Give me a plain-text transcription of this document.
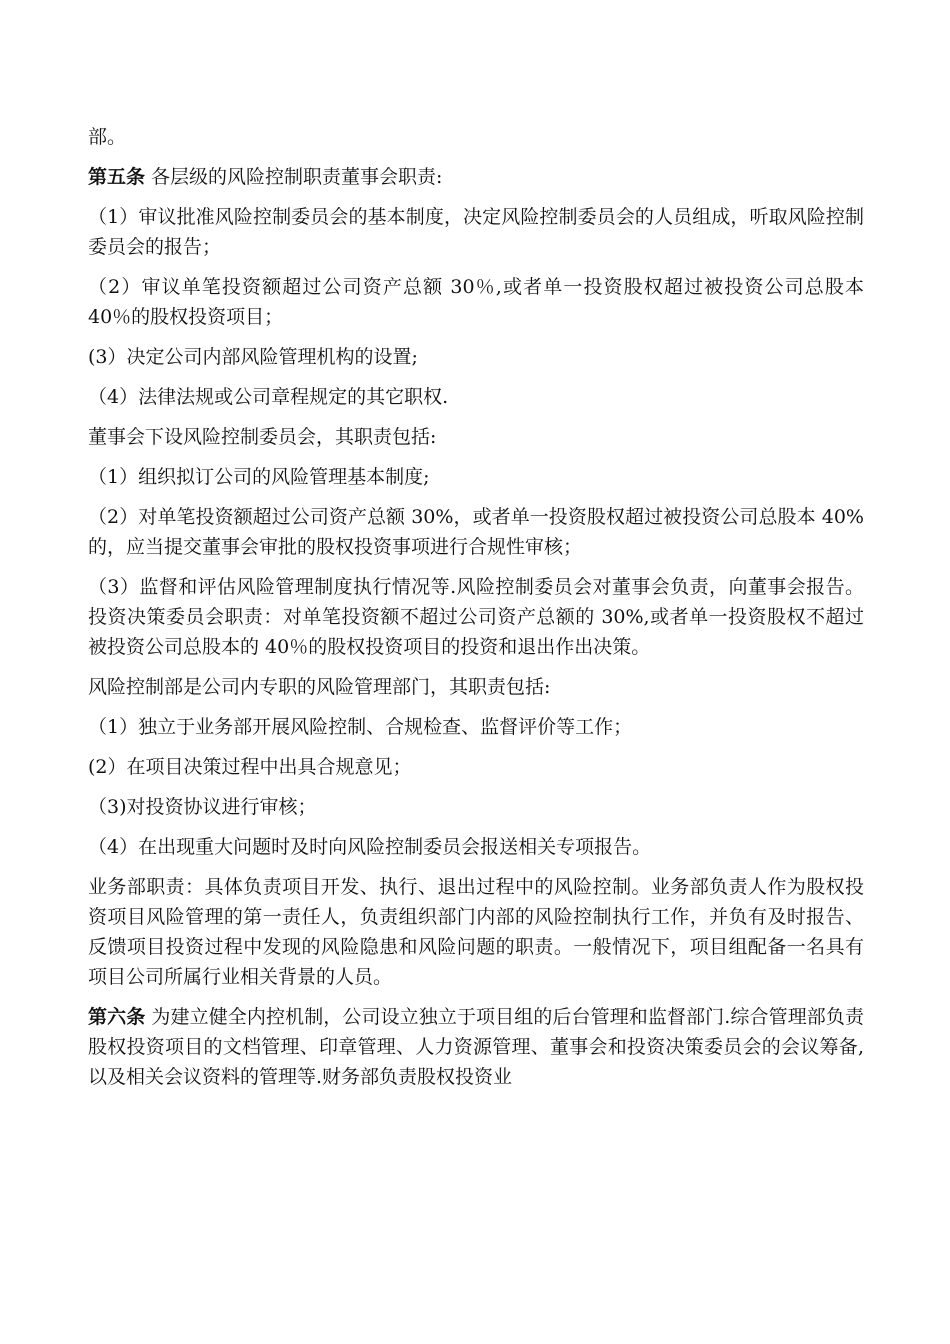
部。

第五条 各层级的风险控制职责董事会职责:

（1）审议批准风险控制委员会的基本制度，决定风险控制委员会的人员组成，听取风险控制委员会的报告；

（2）审议单笔投资额超过公司资产总额 30％,或者单一投资股权超过被投资公司总股本 40％的股权投资项目；

(3）决定公司内部风险管理机构的设置;

（4）法律法规或公司章程规定的其它职权.

董事会下设风险控制委员会，其职责包括:

（1）组织拟订公司的风险管理基本制度;

（2）对单笔投资额超过公司资产总额 30%，或者单一投资股权超过被投资公司总股本 40%的，应当提交董事会审批的股权投资事项进行合规性审核；

（3）监督和评估风险管理制度执行情况等.风险控制委员会对董事会负责，向董事会报告。投资决策委员会职责：对单笔投资额不超过公司资产总额的 30%,或者单一投资股权不超过被投资公司总股本的 40％的股权投资项目的投资和退出作出决策。

风险控制部是公司内专职的风险管理部门，其职责包括:

（1）独立于业务部开展风险控制、合规检查、监督评价等工作；

(2）在项目决策过程中出具合规意见；

（3)对投资协议进行审核；

（4）在出现重大问题时及时向风险控制委员会报送相关专项报告。

业务部职责：具体负责项目开发、执行、退出过程中的风险控制。业务部负责人作为股权投资项目风险管理的第一责任人，负责组织部门内部的风险控制执行工作，并负有及时报告、反馈项目投资过程中发现的风险隐患和风险问题的职责。一般情况下，项目组配备一名具有项目公司所属行业相关背景的人员。

第六条 为建立健全内控机制，公司设立独立于项目组的后台管理和监督部门.综合管理部负责股权投资项目的文档管理、印章管理、人力资源管理、董事会和投资决策委员会的会议筹备,以及相关会议资料的管理等.财务部负责股权投资业
